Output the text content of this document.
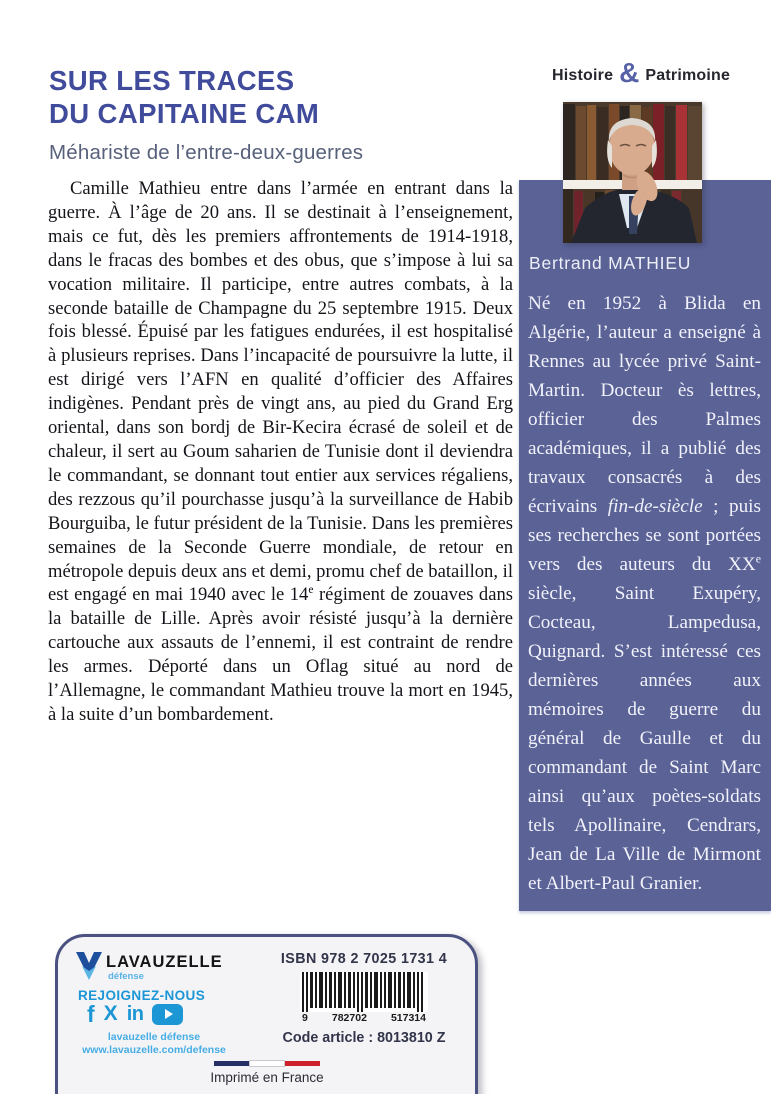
Histoire & Patrimoine
SUR LES TRACES
DU CAPITAINE CAM
Méhariste de l’entre-deux-guerres

Camille Mathieu entre dans l’armée en entrant dans la guerre. À l’âge de 20 ans. Il se destinait à l’enseignement, mais ce fut, dès les premiers affrontements de 1914-1918, dans le fracas des bombes et des obus, que s’impose à lui sa vocation militaire. Il participe, entre autres combats, à la seconde bataille de Champagne du 25 septembre 1915. Deux fois blessé. Épuisé par les fatigues endurées, il est hospitalisé à plusieurs reprises. Dans l’incapacité de poursuivre la lutte, il est dirigé vers l’AFN en qualité d’officier des Affaires indigènes. Pendant près de vingt ans, au pied du Grand Erg oriental, dans son bordj de Bir-Kecira écrasé de soleil et de chaleur, il sert au Goum saharien de Tunisie dont il deviendra le commandant, se donnant tout entier aux services régaliens, des rezzous qu’il pourchasse jusqu’à la surveillance de Habib Bourguiba, le futur président de la Tunisie. Dans les premières semaines de la Seconde Guerre mondiale, de retour en métropole depuis deux ans et demi, promu chef de bataillon, il est engagé en mai 1940 avec le 14e régiment de zouaves dans la bataille de Lille. Après avoir résisté jusqu’à la dernière cartouche aux assauts de l’ennemi, il est contraint de rendre les armes. Déporté dans un Oflag situé au nord de l’Allemagne, le commandant Mathieu trouve la mort en 1945, à la suite d’un bombardement.

Bertrand MATHIEU

Né en 1952 à Blida en Algérie, l’auteur a enseigné à Rennes au lycée privé Saint-Martin. Docteur ès lettres, officier des Palmes académiques, il a publié des travaux consacrés à des écrivains fin-de-siècle ; puis ses recherches se sont portées vers des auteurs du XXe siècle, Saint Exupéry, Cocteau, Lampedusa, Quignard. S’est intéressé ces dernières années aux mémoires de guerre du général de Gaulle et du commandant de Saint Marc ainsi qu’aux poètes-soldats tels Apollinaire, Cendrars, Jean de La Ville de Mirmont et Albert-Paul Granier.

LAVAUZELLE
défense
REJOIGNEZ-NOUS
f X in
lavauzelle défense
www.lavauzelle.com/defense
ISBN 978 2 7025 1731 4
9 782702 517314
Code article : 8013810 Z
Imprimé en France
